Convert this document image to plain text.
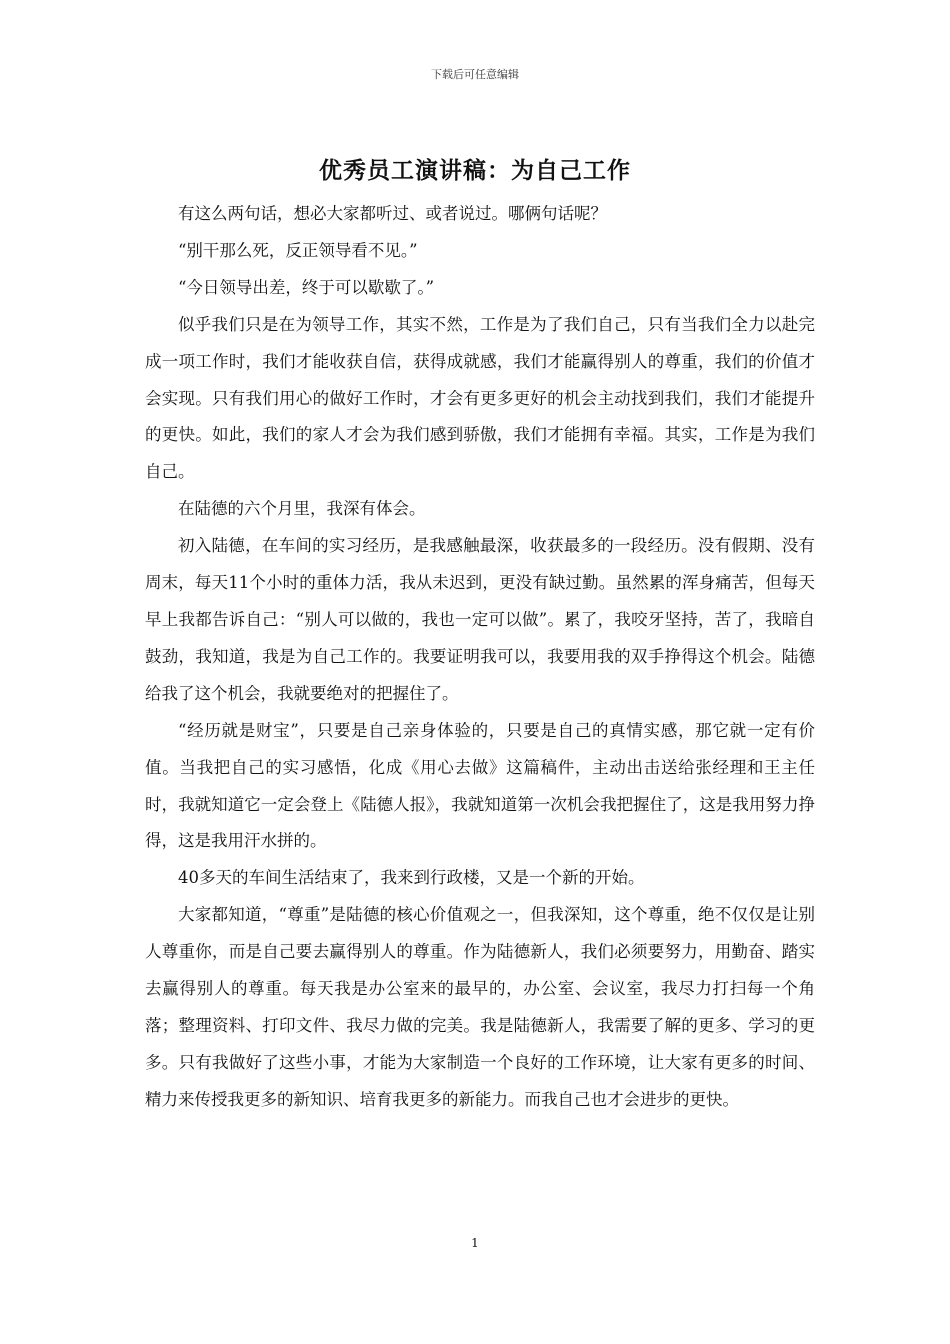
下载后可任意编辑
优秀员工演讲稿：为自己工作

有这么两句话，想必大家都听过、或者说过。哪俩句话呢？

“别干那么死，反正领导看不见。”

“今日领导出差，终于可以歇歇了。”

似乎我们只是在为领导工作，其实不然，工作是为了我们自己，只有当我们全力以赴完成一项工作时，我们才能收获自信，获得成就感，我们才能赢得别人的尊重，我们的价值才会实现。只有我们用心的做好工作时，才会有更多更好的机会主动找到我们，我们才能提升的更快。如此，我们的家人才会为我们感到骄傲，我们才能拥有幸福。其实，工作是为我们自己。

在陆德的六个月里，我深有体会。

初入陆德，在车间的实习经历，是我感触最深，收获最多的一段经历。没有假期、没有周末，每天11个小时的重体力活，我从未迟到，更没有缺过勤。虽然累的浑身痛苦，但每天早上我都告诉自己：“别人可以做的，我也一定可以做”。累了，我咬牙坚持，苦了，我暗自鼓劲，我知道，我是为自己工作的。我要证明我可以，我要用我的双手挣得这个机会。陆德给我了这个机会，我就要绝对的把握住了。

“经历就是财宝”，只要是自己亲身体验的，只要是自己的真情实感，那它就一定有价值。当我把自己的实习感悟，化成《用心去做》这篇稿件，主动出击送给张经理和王主任时，我就知道它一定会登上《陆德人报》，我就知道第一次机会我把握住了，这是我用努力挣得，这是我用汗水拼的。

40多天的车间生活结束了，我来到行政楼，又是一个新的开始。

大家都知道，“尊重”是陆德的核心价值观之一，但我深知，这个尊重，绝不仅仅是让别人尊重你，而是自己要去赢得别人的尊重。作为陆德新人，我们必须要努力，用勤奋、踏实去赢得别人的尊重。每天我是办公室来的最早的，办公室、会议室，我尽力打扫每一个角落；整理资料、打印文件、我尽力做的完美。我是陆德新人，我需要了解的更多、学习的更多。只有我做好了这些小事，才能为大家制造一个良好的工作环境，让大家有更多的时间、精力来传授我更多的新知识、培育我更多的新能力。而我自己也才会进步的更快。

1
